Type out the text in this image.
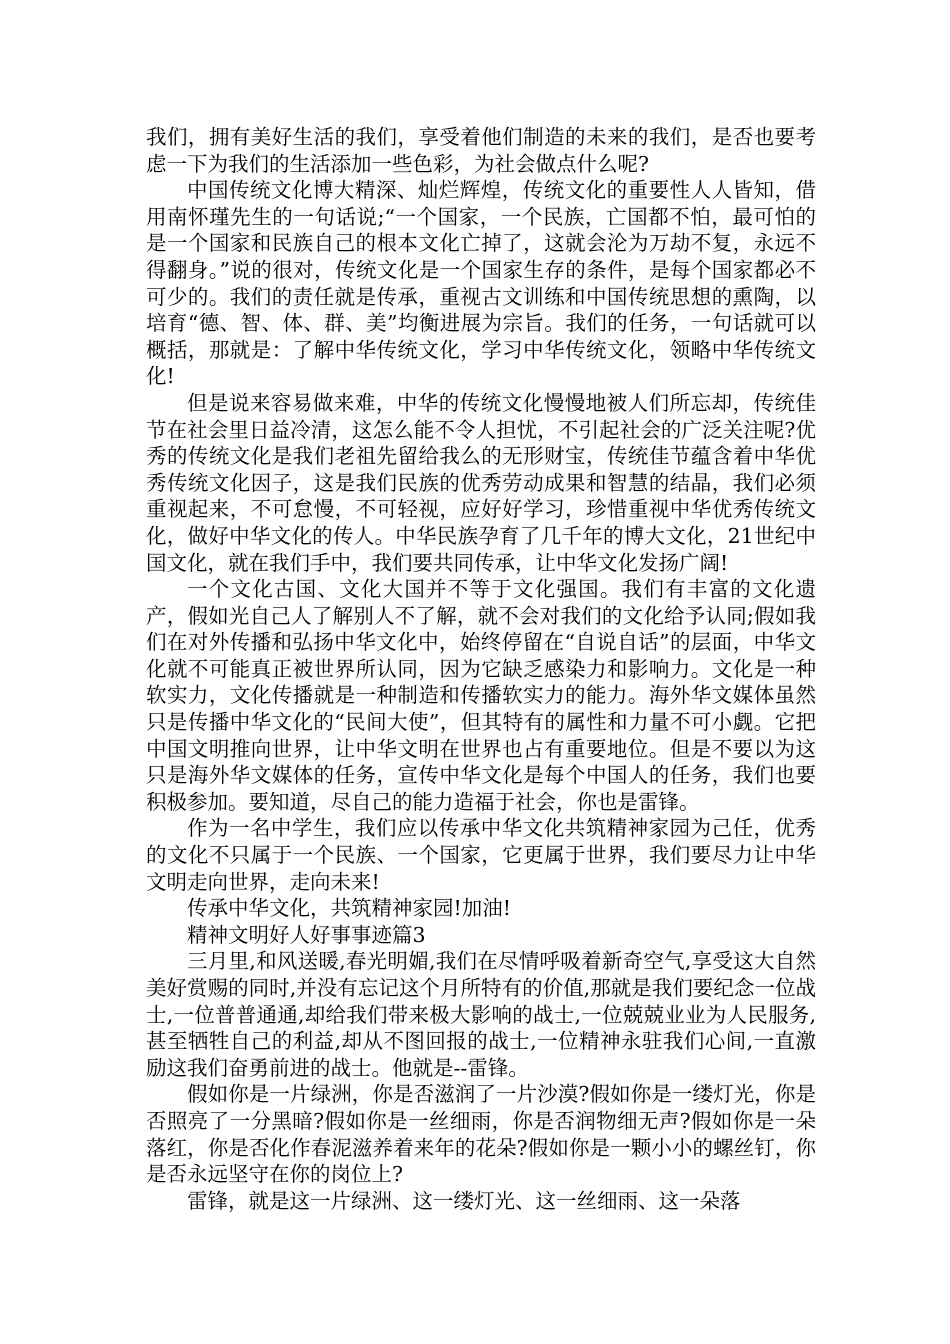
我们，拥有美好生活的我们，享受着他们制造的未来的我们，是否也要考虑一下为我们的生活添加一些色彩，为社会做点什么呢?

中国传统文化博大精深、灿烂辉煌，传统文化的重要性人人皆知，借用南怀瑾先生的一句话说;“一个国家，一个民族，亡国都不怕，最可怕的是一个国家和民族自己的根本文化亡掉了，这就会沦为万劫不复，永远不得翻身。”说的很对，传统文化是一个国家生存的条件，是每个国家都必不可少的。我们的责任就是传承，重视古文训练和中国传统思想的熏陶，以培育“德、智、体、群、美”均衡进展为宗旨。我们的任务，一句话就可以概括，那就是：了解中华传统文化，学习中华传统文化，领略中华传统文化!

但是说来容易做来难，中华的传统文化慢慢地被人们所忘却，传统佳节在社会里日益冷清，这怎么能不令人担忧，不引起社会的广泛关注呢?优秀的传统文化是我们老祖先留给我么的无形财宝，传统佳节蕴含着中华优秀传统文化因子，这是我们民族的优秀劳动成果和智慧的结晶，我们必须重视起来，不可怠慢，不可轻视，应好好学习，珍惜重视中华优秀传统文化，做好中华文化的传人。中华民族孕育了几千年的博大文化，21世纪中国文化，就在我们手中，我们要共同传承，让中华文化发扬广阔!

一个文化古国、文化大国并不等于文化强国。我们有丰富的文化遗产，假如光自己人了解别人不了解，就不会对我们的文化给予认同;假如我们在对外传播和弘扬中华文化中，始终停留在“自说自话”的层面，中华文化就不可能真正被世界所认同，因为它缺乏感染力和影响力。文化是一种软实力，文化传播就是一种制造和传播软实力的能力。海外华文媒体虽然只是传播中华文化的“民间大使”，但其特有的属性和力量不可小觑。它把中国文明推向世界，让中华文明在世界也占有重要地位。但是不要以为这只是海外华文媒体的任务，宣传中华文化是每个中国人的任务，我们也要积极参加。要知道，尽自己的能力造福于社会，你也是雷锋。

作为一名中学生，我们应以传承中华文化共筑精神家园为己任，优秀的文化不只属于一个民族、一个国家，它更属于世界，我们要尽力让中华文明走向世界，走向未来!

传承中华文化，共筑精神家园!加油!

精神文明好人好事事迹篇3

三月里,和风送暖,春光明媚,我们在尽情呼吸着新奇空气,享受这大自然美好赏赐的同时,并没有忘记这个月所特有的价值,那就是我们要纪念一位战士,一位普普通通,却给我们带来极大影响的战士,一位兢兢业业为人民服务,甚至牺牲自己的利益,却从不图回报的战士,一位精神永驻我们心间,一直激励这我们奋勇前进的战士。他就是--雷锋。

假如你是一片绿洲，你是否滋润了一片沙漠?假如你是一缕灯光，你是否照亮了一分黑暗?假如你是一丝细雨，你是否润物细无声?假如你是一朵落红，你是否化作春泥滋养着来年的花朵?假如你是一颗小小的螺丝钉，你是否永远坚守在你的岗位上?

雷锋，就是这一片绿洲、这一缕灯光、这一丝细雨、这一朵落
